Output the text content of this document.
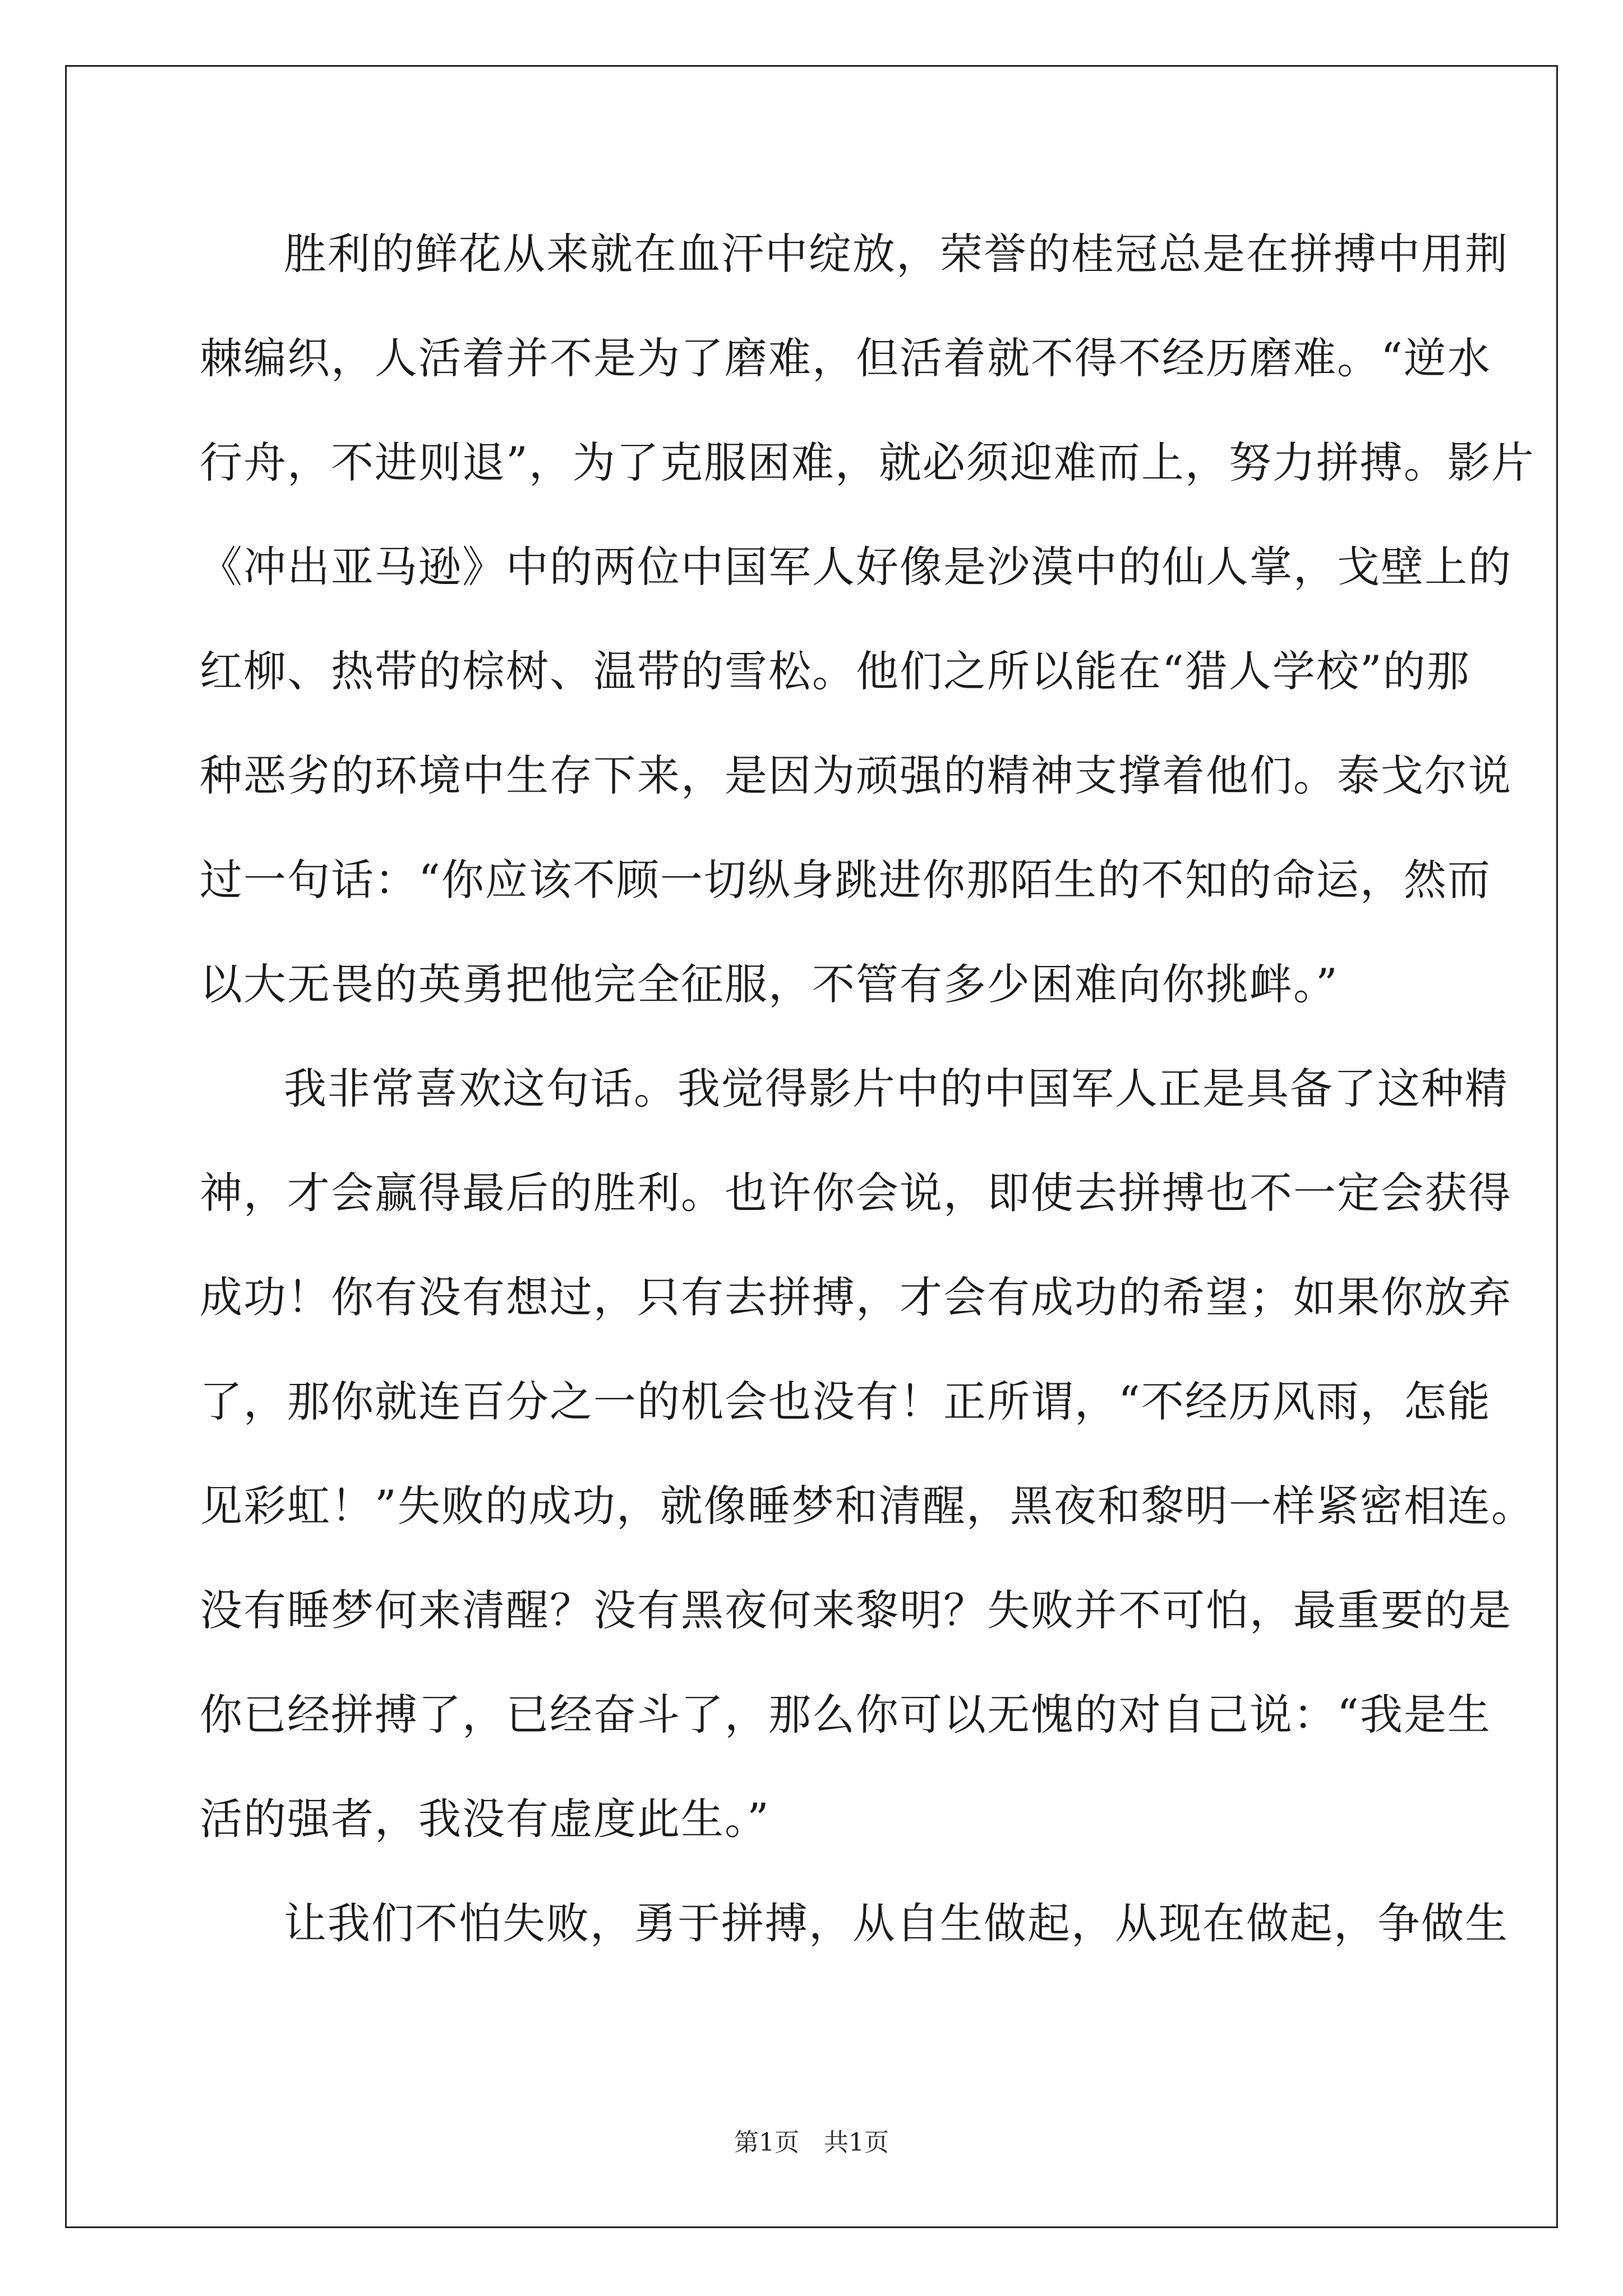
胜利的鲜花从来就在血汗中绽放，荣誉的桂冠总是在拼搏中用荆
棘编织，人活着并不是为了磨难，但活着就不得不经历磨难。“逆水
行舟，不进则退”，为了克服困难，就必须迎难而上，努力拼搏。影片
《冲出亚马逊》中的两位中国军人好像是沙漠中的仙人掌，戈壁上的
红柳、热带的棕树、温带的雪松。他们之所以能在“猎人学校”的那
种恶劣的环境中生存下来，是因为顽强的精神支撑着他们。泰戈尔说
过一句话：“你应该不顾一切纵身跳进你那陌生的不知的命运，然而
以大无畏的英勇把他完全征服，不管有多少困难向你挑衅。”
我非常喜欢这句话。我觉得影片中的中国军人正是具备了这种精
神，才会赢得最后的胜利。也许你会说，即使去拼搏也不一定会获得
成功！你有没有想过，只有去拼搏，才会有成功的希望；如果你放弃
了，那你就连百分之一的机会也没有！正所谓，“不经历风雨，怎能
见彩虹！”失败的成功，就像睡梦和清醒，黑夜和黎明一样紧密相连。
没有睡梦何来清醒？没有黑夜何来黎明？失败并不可怕，最重要的是
你已经拼搏了，已经奋斗了，那么你可以无愧的对自己说：“我是生
活的强者，我没有虚度此生。”
让我们不怕失败，勇于拼搏，从自生做起，从现在做起，争做生
第1页　共1页
